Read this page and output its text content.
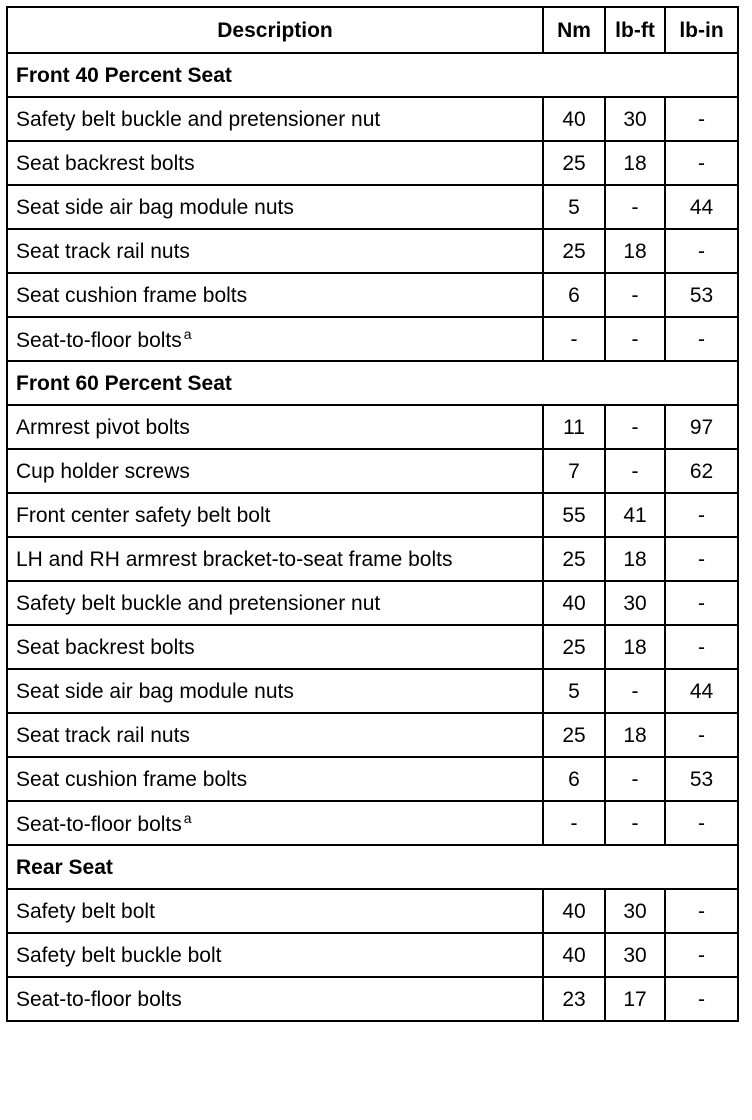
Description	Nm	lb-ft	lb-in
Front 40 Percent Seat			
Safety belt buckle and pretensioner nut	40	30	-
Seat backrest bolts	25	18	-
Seat side air bag module nuts	5	-	44
Seat track rail nuts	25	18	-
Seat cushion frame bolts	6	-	53
Seat-to-floor bolts $^a$	-	-	-
Front 60 Percent Seat			
Armrest pivot bolts	11	-	97
Cup holder screws	7	-	62
Front center safety belt bolt	55	41	-
LH and RH armrest bracket-to-seat frame bolts	25	18	-
Safety belt buckle and pretensioner nut	40	30	-
Seat backrest bolts	25	18	-
Seat side air bag module nuts	5	-	44
Seat track rail nuts	25	18	-
Seat cushion frame bolts	6	-	53
Seat-to-floor bolts $^a$	-	-	-
Rear Seat			
Safety belt bolt	40	30	-
Safety belt buckle bolt	40	30	-
Seat-to-floor bolts	23	17	-
